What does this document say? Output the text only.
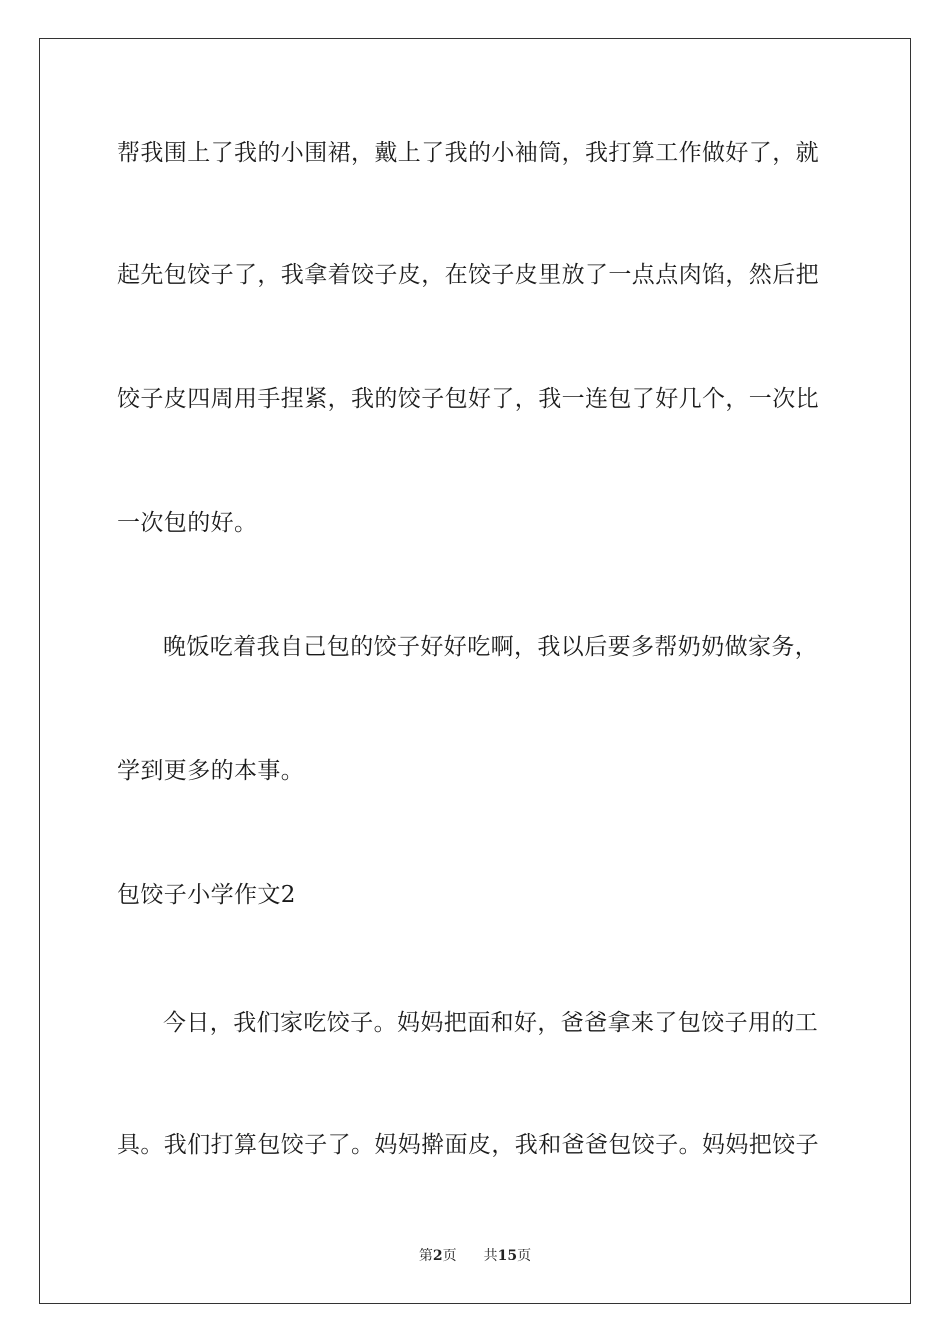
帮我围上了我的小围裙，戴上了我的小袖筒，我打算工作做好了，就
起先包饺子了，我拿着饺子皮，在饺子皮里放了一点点肉馅，然后把
饺子皮四周用手捏紧，我的饺子包好了，我一连包了好几个，一次比
一次包的好。
晚饭吃着我自己包的饺子好好吃啊，我以后要多帮奶奶做家务，
学到更多的本事。
包饺子小学作文2
今日，我们家吃饺子。妈妈把面和好，爸爸拿来了包饺子用的工
具。我们打算包饺子了。妈妈擀面皮，我和爸爸包饺子。妈妈把饺子
第2页 共15页
